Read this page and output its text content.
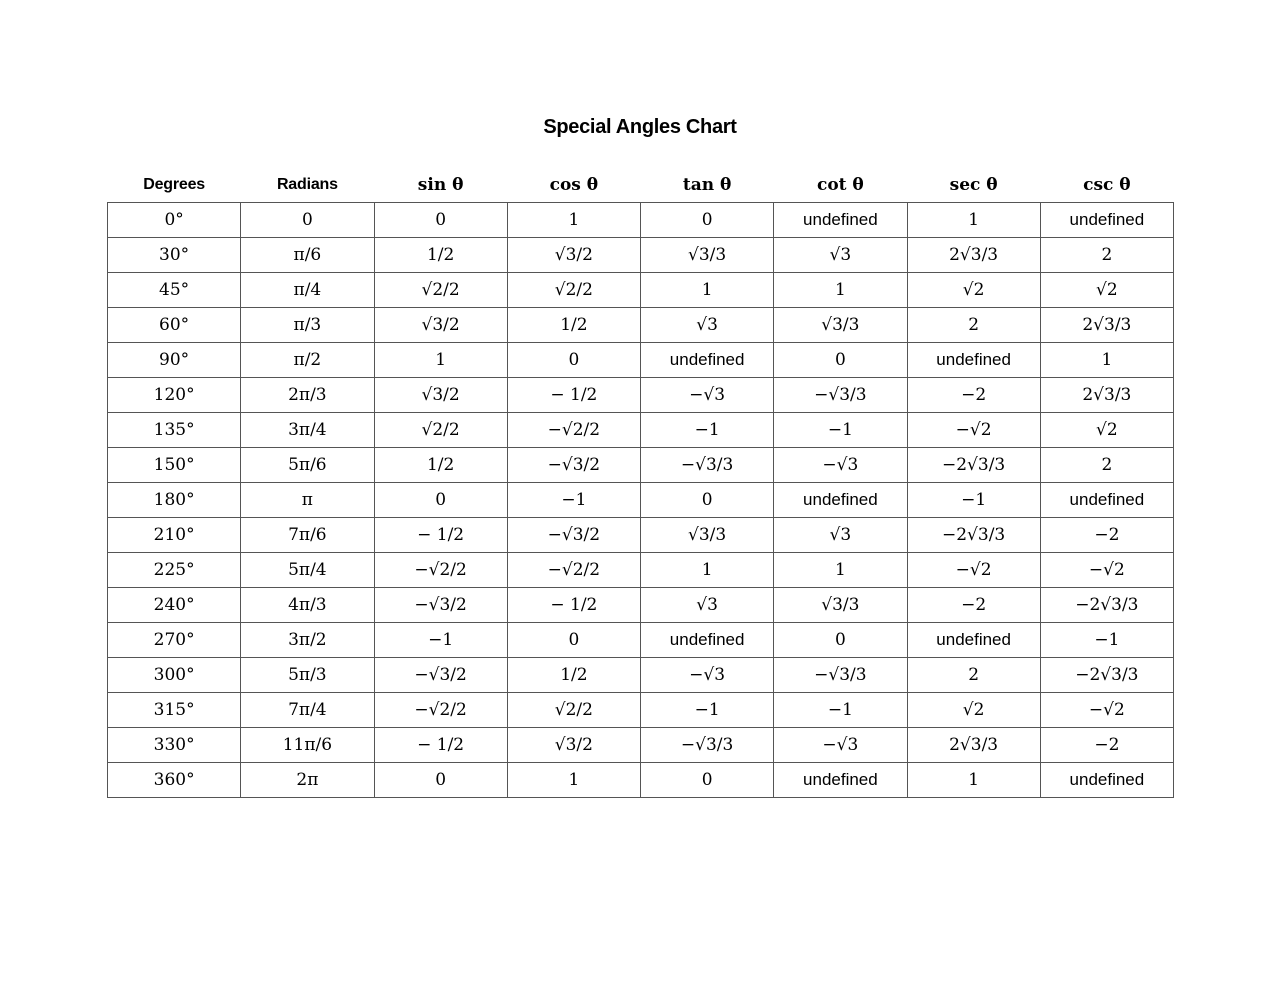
Special Angles Chart
Degrees	Radians	sin θ	cos θ	tan θ	cot θ	sec θ	csc θ
0°	0	0	1	0	undefined	1	undefined
30°	π/6	1/2	√3/2	√3/3	√3	2√3/3	2
45°	π/4	√2/2	√2/2	1	1	√2	√2
60°	π/3	√3/2	1/2	√3	√3/3	2	2√3/3
90°	π/2	1	0	undefined	0	undefined	1
120°	2π/3	√3/2	− 1/2	−√3	−√3/3	−2	2√3/3
135°	3π/4	√2/2	−√2/2	−1	−1	−√2	√2
150°	5π/6	1/2	−√3/2	−√3/3	−√3	−2√3/3	2
180°	π	0	−1	0	undefined	−1	undefined
210°	7π/6	− 1/2	−√3/2	√3/3	√3	−2√3/3	−2
225°	5π/4	−√2/2	−√2/2	1	1	−√2	−√2
240°	4π/3	−√3/2	− 1/2	√3	√3/3	−2	−2√3/3
270°	3π/2	−1	0	undefined	0	undefined	−1
300°	5π/3	−√3/2	1/2	−√3	−√3/3	2	−2√3/3
315°	7π/4	−√2/2	√2/2	−1	−1	√2	−√2
330°	11π/6	− 1/2	√3/2	−√3/3	−√3	2√3/3	−2
360°	2π	0	1	0	undefined	1	undefined
